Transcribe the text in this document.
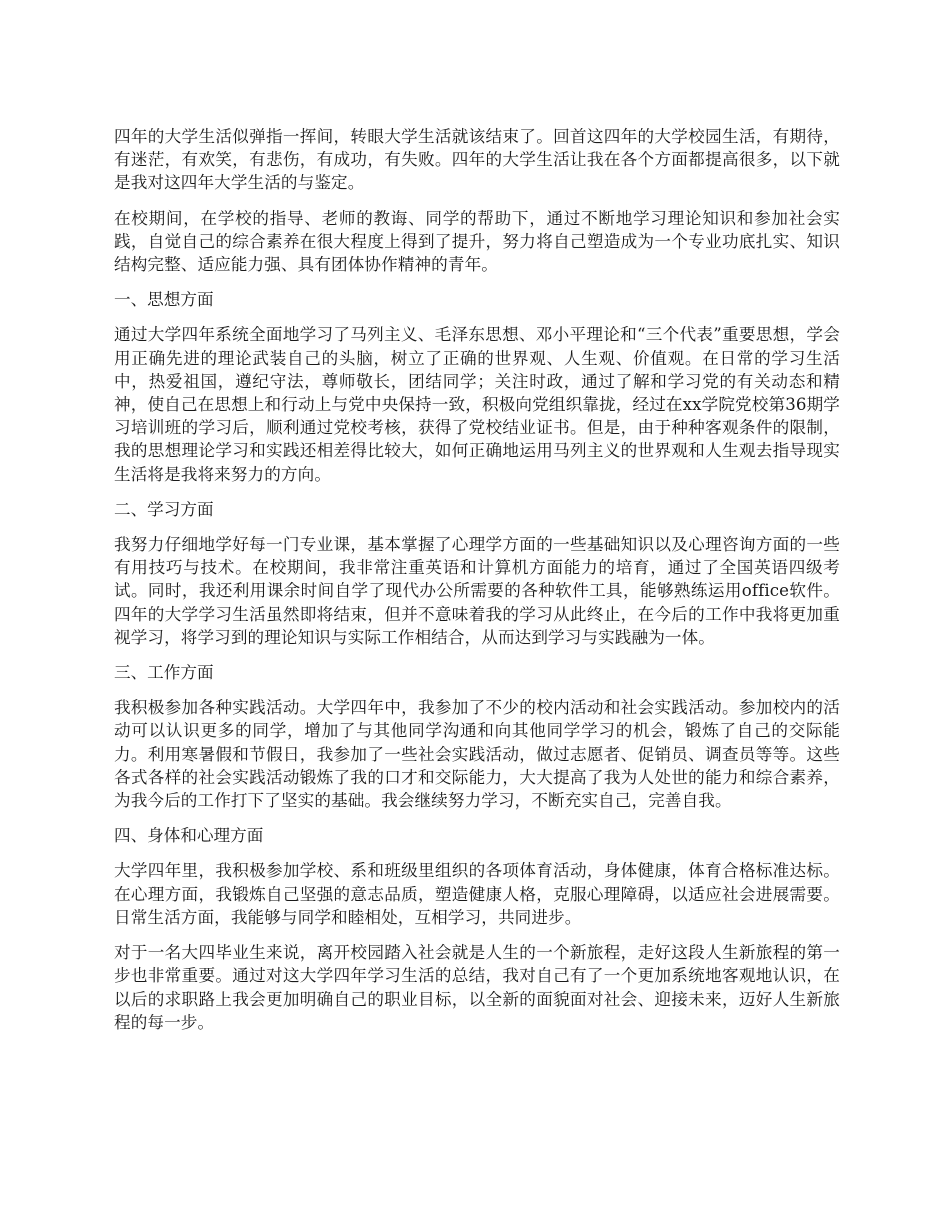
四年的大学生活似弹指一挥间，转眼大学生活就该结束了。回首这四年的大学校园生活，有期待，有迷茫，有欢笑，有悲伤，有成功，有失败。四年的大学生活让我在各个方面都提高很多，以下就是我对这四年大学生活的与鉴定。

在校期间，在学校的指导、老师的教诲、同学的帮助下，通过不断地学习理论知识和参加社会实践，自觉自己的综合素养在很大程度上得到了提升，努力将自己塑造成为一个专业功底扎实、知识结构完整、适应能力强、具有团体协作精神的青年。

一、思想方面

通过大学四年系统全面地学习了马列主义、毛泽东思想、邓小平理论和“三个代表”重要思想，学会用正确先进的理论武装自己的头脑，树立了正确的世界观、人生观、价值观。在日常的学习生活中，热爱祖国，遵纪守法，尊师敬长，团结同学；关注时政，通过了解和学习党的有关动态和精神，使自己在思想上和行动上与党中央保持一致，积极向党组织靠拢，经过在xx学院党校第36期学习培训班的学习后，顺利通过党校考核，获得了党校结业证书。但是，由于种种客观条件的限制，我的思想理论学习和实践还相差得比较大，如何正确地运用马列主义的世界观和人生观去指导现实生活将是我将来努力的方向。

二、学习方面

我努力仔细地学好每一门专业课，基本掌握了心理学方面的一些基础知识以及心理咨询方面的一些有用技巧与技术。在校期间，我非常注重英语和计算机方面能力的培育，通过了全国英语四级考试。同时，我还利用课余时间自学了现代办公所需要的各种软件工具，能够熟练运用office软件。四年的大学学习生活虽然即将结束，但并不意味着我的学习从此终止，在今后的工作中我将更加重视学习，将学习到的理论知识与实际工作相结合，从而达到学习与实践融为一体。

三、工作方面

我积极参加各种实践活动。大学四年中，我参加了不少的校内活动和社会实践活动。参加校内的活动可以认识更多的同学，增加了与其他同学沟通和向其他同学学习的机会，锻炼了自己的交际能力。利用寒暑假和节假日，我参加了一些社会实践活动，做过志愿者、促销员、调查员等等。这些各式各样的社会实践活动锻炼了我的口才和交际能力，大大提高了我为人处世的能力和综合素养，为我今后的工作打下了坚实的基础。我会继续努力学习，不断充实自己，完善自我。

四、身体和心理方面

大学四年里，我积极参加学校、系和班级里组织的各项体育活动，身体健康，体育合格标准达标。在心理方面，我锻炼自己坚强的意志品质，塑造健康人格，克服心理障碍，以适应社会进展需要。日常生活方面，我能够与同学和睦相处，互相学习，共同进步。

对于一名大四毕业生来说，离开校园踏入社会就是人生的一个新旅程，走好这段人生新旅程的第一步也非常重要。通过对这大学四年学习生活的总结，我对自己有了一个更加系统地客观地认识，在以后的求职路上我会更加明确自己的职业目标，以全新的面貌面对社会、迎接未来，迈好人生新旅程的每一步。
